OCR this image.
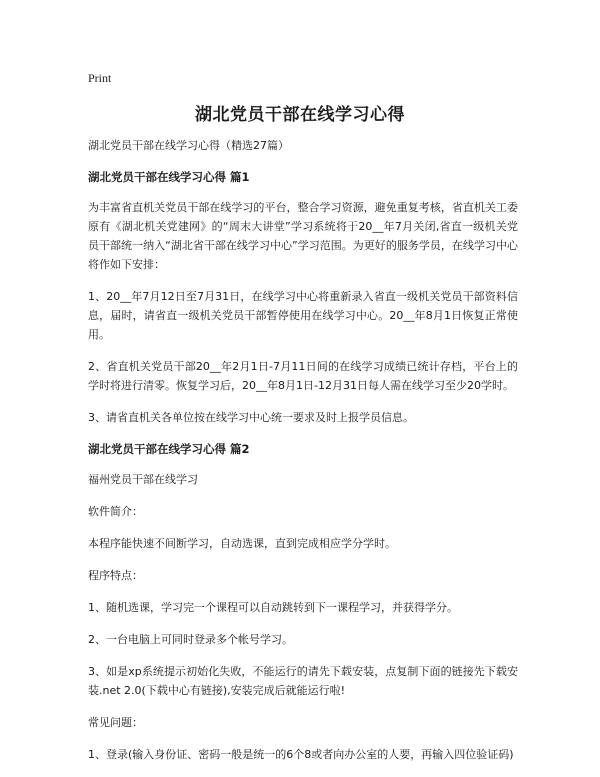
Print
湖北党员干部在线学习心得

湖北党员干部在线学习心得（精选27篇）

湖北党员干部在线学习心得 篇1

为丰富省直机关党员干部在线学习的平台，整合学习资源，避免重复考核，省直机关工委原有《湖北机关党建网》的“周末大讲堂”学习系统将于20__年7月关闭,省直一级机关党员干部统一纳入“湖北省干部在线学习中心”学习范围。为更好的服务学员，在线学习中心将作如下安排：

1、20__年7月12日至7月31日，在线学习中心将重新录入省直一级机关党员干部资料信息，届时，请省直一级机关党员干部暂停使用在线学习中心。20__年8月1日恢复正常使用。

2、省直机关党员干部20__年2月1日-7月11日间的在线学习成绩已统计存档，平台上的学时将进行清零。恢复学习后，20__年8月1日-12月31日每人需在线学习至少20学时。

3、请省直机关各单位按在线学习中心统一要求及时上报学员信息。

湖北党员干部在线学习心得 篇2

福州党员干部在线学习

软件简介：

本程序能快速不间断学习，自动选课，直到完成相应学分学时。

程序特点：

1、随机选课，学习完一个课程可以自动跳转到下一课程学习，并获得学分。

2、一台电脑上可同时登录多个帐号学习。

3、如是xp系统提示初始化失败，不能运行的请先下载安装，点复制下面的链接先下载安装.net 2.0(下载中心有链接),安装完成后就能运行啦!

常见问题：

1、登录(输入身份证、密码一般是统一的6个8或者向办公室的人要，再输入四位验证码)
